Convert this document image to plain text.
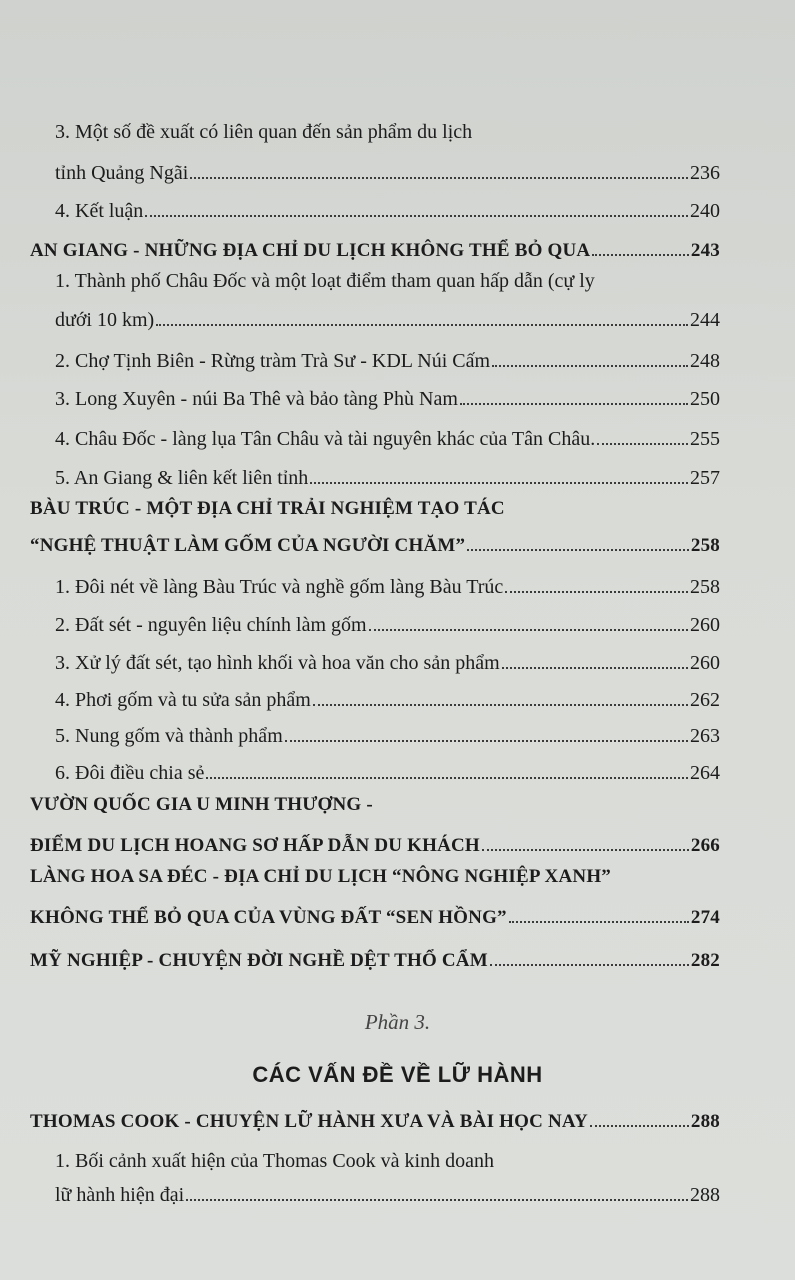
3. Một số đề xuất có liên quan đến sản phẩm du lịch
tỉnh Quảng Ngãi	236
4. Kết luận	240
AN GIANG - NHỮNG ĐỊA CHỈ DU LỊCH KHÔNG THỂ BỎ QUA	243
1. Thành phố Châu Đốc và một loạt điểm tham quan hấp dẫn (cự ly
dưới 10 km)	244
2. Chợ Tịnh Biên - Rừng tràm Trà Sư - KDL Núi Cấm	248
3. Long Xuyên - núi Ba Thê và bảo tàng Phù Nam	250
4. Châu Đốc - làng lụa Tân Châu và tài nguyên khác của Tân Châu.	255
5. An Giang & liên kết liên tỉnh	257
BÀU TRÚC - MỘT ĐỊA CHỈ TRẢI NGHIỆM TẠO TÁC
“NGHỆ THUẬT LÀM GỐM CỦA NGƯỜI CHĂM”	258
1. Đôi nét về làng Bàu Trúc và nghề gốm làng Bàu Trúc	258
2. Đất sét - nguyên liệu chính làm gốm	260
3. Xử lý đất sét, tạo hình khối và hoa văn cho sản phẩm	260
4. Phơi gốm và tu sửa sản phẩm	262
5. Nung gốm và thành phẩm	263
6. Đôi điều chia sẻ	264
VƯỜN QUỐC GIA U MINH THƯỢNG -
ĐIỂM DU LỊCH HOANG SƠ HẤP DẪN DU KHÁCH	266
LÀNG HOA SA ĐÉC - ĐỊA CHỈ DU LỊCH “NÔNG NGHIỆP XANH”
KHÔNG THỂ BỎ QUA CỦA VÙNG ĐẤT “SEN HỒNG”	274
MỸ NGHIỆP - CHUYỆN ĐỜI NGHỀ DỆT THỔ CẨM	282
Phần 3.
CÁC VẤN ĐỀ VỀ LỮ HÀNH
THOMAS COOK - CHUYỆN LỮ HÀNH XƯA VÀ BÀI HỌC NAY	288
1. Bối cảnh xuất hiện của Thomas Cook và kinh doanh
lữ hành hiện đại	288
